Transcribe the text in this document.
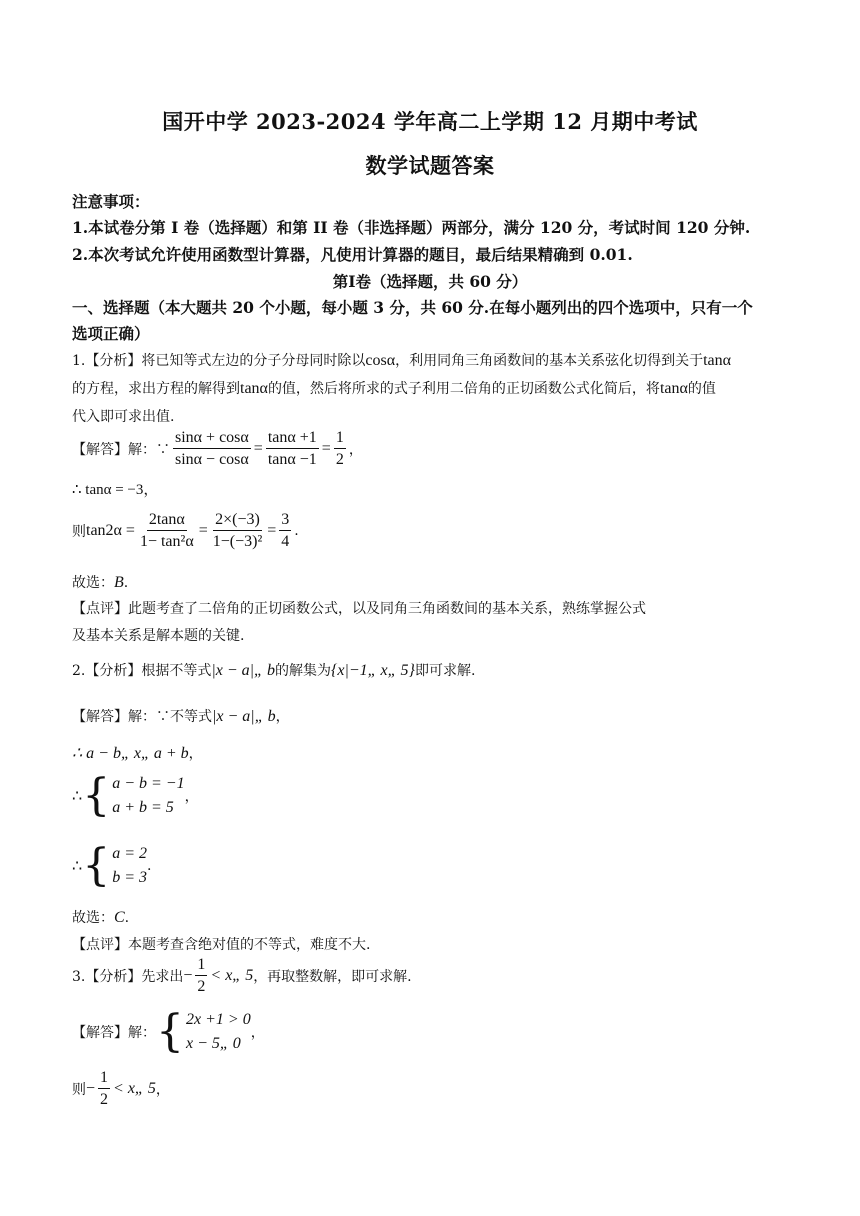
国开中学 2023-2024 学年高二上学期 12 月期中考试
数学试题答案
注意事项：
1.本试卷分第 I 卷（选择题）和第 II 卷（非选择题）两部分，满分 120 分，考试时间 120 分钟.
2.本次考试允许使用函数型计算器，凡使用计算器的题目，最后结果精确到 0.01.
第Ⅰ卷（选择题，共 60 分）
一、选择题（本大题共 20 个小题，每小题 3 分，共 60 分.在每小题列出的四个选项中，只有一个
选项正确）
1.【分析】将已知等式左边的分子分母同时除以cosα，利用同角三角函数间的基本关系弦化切得到关于tanα
的方程，求出方程的解得到tanα的值，然后将所求的式子利用二倍角的正切函数公式化简后，将tanα的值
代入即可求出值.
【解答】解：∵ $\frac{\sin\alpha + \cos\alpha}{\sin\alpha - \cos\alpha} = \frac{\tan\alpha +1}{\tan\alpha -1} = \frac{1}{2}$ ，
∴ tanα = −3，
则 $\tan 2\alpha = \frac{2\tan\alpha}{\text{1− tan²α}} = \frac{2\times(-3)}{\text{1−(−3)²}} = \frac{3}{4}$ .
故选：B.
【点评】此题考查了二倍角的正切函数公式，以及同角三角函数间的基本关系，熟练掌握公式
及基本关系是解本题的关键.
2.【分析】根据不等式|x − a|„ b的解集为{x|−1„ x„ 5}即可求解.
【解答】解：∵不等式|x − a|„ b，
∴ a − b„ x„ a + b，
∴ { a − b = −1
a + b = 5
，
∴ { a = 2
b = 3
.
故选：C.
【点评】本题考查含绝对值的不等式，难度不大.
3.【分析】先求出 − $\frac{1}{2}$ < x„ 5 ，再取整数解，即可求解.
【解答】解： { 2x +1 > 0
x − 5„ 0
，
则 − $\frac{1}{2}$ < x„ 5 ，
